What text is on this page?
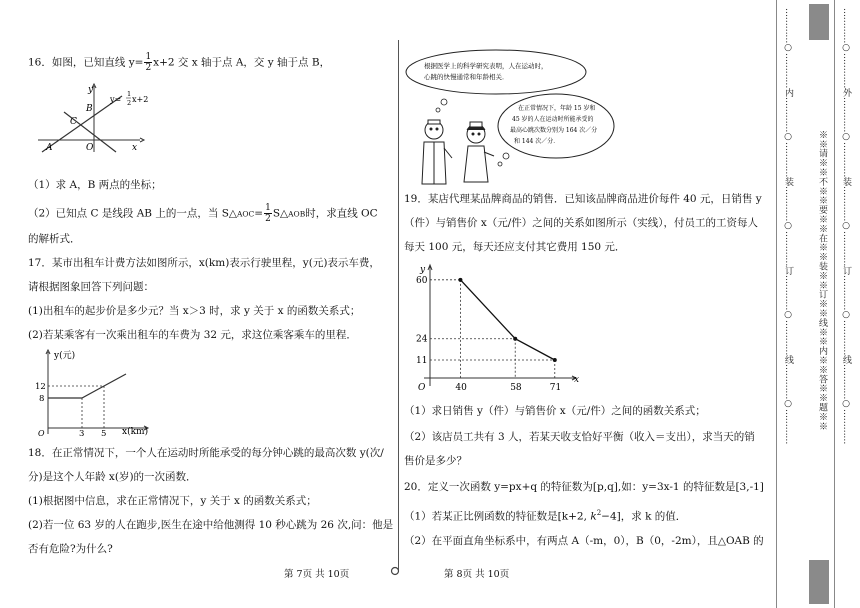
16．如图，已知直线 $y= \frac{1}{2} x+2$ 交 x 轴于点 A，交 y 轴于点 B，
y
B
C
A	O	x
y=
1
2 x+2
（1）求 A，B 两点的坐标；
（2）已知点 C 是线段 AB 上的一点，当 S△AOC= $\frac{1}{2}$ S△AOB时，求直线 OC
的解析式．
17．某市出租车计费方法如图所示，x(km)表示行驶里程，y(元)表示车费，
请根据图象回答下列问题：
(1)出租车的起步价是多少元？当 x＞3 时，求 y 关于 x 的函数关系式；
(2)若某乘客有一次乘出租车的车费为 32 元，求这位乘客乘车的里程．
y(元)
x(km)
O
12
8
3 5
18．在正常情况下，一个人在运动时所能承受的每分钟心跳的最高次数 y(次/
分)是这个人年龄 x(岁)的一次函数．
(1)根据图中信息，求在正常情况下，y 关于 x 的函数关系式；
(2)若一位 63 岁的人在跑步,医生在途中给他测得 10 秒心跳为 26 次,问：他是
否有危险?为什么?
第 7页 共 10页
根据医学上的科学研究表明，人在运动时，
心跳的快慢通常和年龄相关．
在正常情况下，年龄 15 岁和
45 岁的人在运动时所能承受的
最高心跳次数分别为 164 次／分
和 144 次／分．
19．某店代理某品牌商品的销售．已知该品牌商品进价每件 40 元，日销售 y
（件）与销售价 x（元/件）之间的关系如图所示（实线），付员工的工资每人
每天 100 元，每天还应支付其它费用 150 元．
x
y
O	40
60
58
24
71
11
（1）求日销售 y（件）与销售价 x（元/件）之间的函数关系式；
（2）该店员工共有 3 人，若某天收支恰好平衡（收入＝支出），求当天的销
售价是多少？
20．定义一次函数 y=px+q 的特征数为[p,q],如：y=3x-1 的特征数是[3,-1]
（1）若某正比例函数的特征数是[k+2, $k^2-4$]，求 k 的值．
（2）在平面直角坐标系中，有两点 A（-m，0），B（0，-2m），且△OAB 的
第 8页 共 10页
…………○…………内…………○…………装…………○…………订…………○…………线…………○…………	※※请※※不※※要※※在※※装※※订※※线※※内※※答※※题※※ …………○…………外…………○…………装…………○…………订…………○…………线…………○…………
